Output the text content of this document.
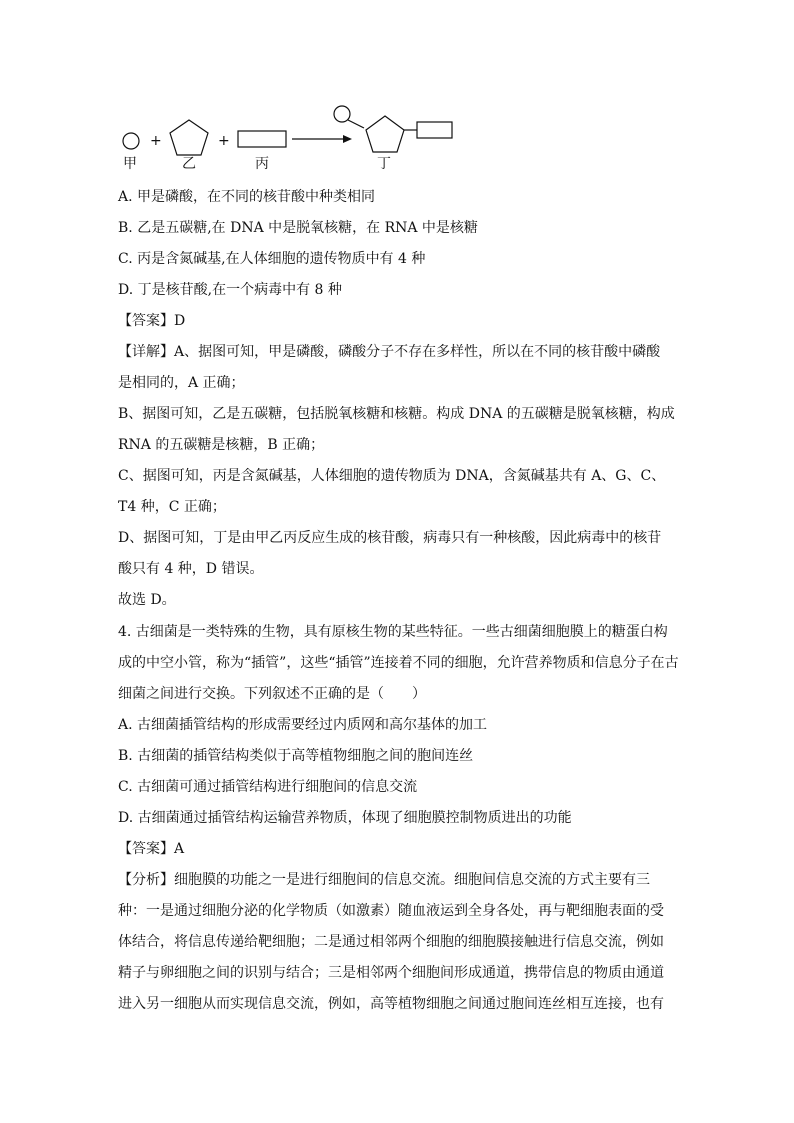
+	+
甲	乙	丙	丁
A. 甲是磷酸，在不同的核苷酸中种类相同
B. 乙是五碳糖,在 DNA 中是脱氧核糖，在 RNA 中是核糖
C. 丙是含氮碱基,在人体细胞的遗传物质中有 4 种
D. 丁是核苷酸,在一个病毒中有 8 种
【答案】D
【详解】A、据图可知，甲是磷酸，磷酸分子不存在多样性，所以在不同的核苷酸中磷酸
是相同的，A 正确；
B、据图可知，乙是五碳糖，包括脱氧核糖和核糖。构成 DNA 的五碳糖是脱氧核糖，构成
RNA 的五碳糖是核糖，B 正确；
C、据图可知，丙是含氮碱基，人体细胞的遗传物质为 DNA，含氮碱基共有 A、G、C、
T4 种，C 正确；
D、据图可知，丁是由甲乙丙反应生成的核苷酸，病毒只有一种核酸，因此病毒中的核苷
酸只有 4 种，D 错误。
故选 D。
4. 古细菌是一类特殊的生物，具有原核生物的某些特征。一些古细菌细胞膜上的糖蛋白构
成的中空小管，称为“插管”，这些“插管”连接着不同的细胞，允许营养物质和信息分子在古
细菌之间进行交换。下列叙述不正确的是（　　）
A. 古细菌插管结构的形成需要经过内质网和高尔基体的加工
B. 古细菌的插管结构类似于高等植物细胞之间的胞间连丝
C. 古细菌可通过插管结构进行细胞间的信息交流
D. 古细菌通过插管结构运输营养物质，体现了细胞膜控制物质进出的功能
【答案】A
【分析】细胞膜的功能之一是进行细胞间的信息交流。细胞间信息交流的方式主要有三
种：一是通过细胞分泌的化学物质（如激素）随血液运到全身各处，再与靶细胞表面的受
体结合，将信息传递给靶细胞；二是通过相邻两个细胞的细胞膜接触进行信息交流，例如
精子与卵细胞之间的识别与结合；三是相邻两个细胞间形成通道，携带信息的物质由通道
进入另一细胞从而实现信息交流，例如，高等植物细胞之间通过胞间连丝相互连接，也有
